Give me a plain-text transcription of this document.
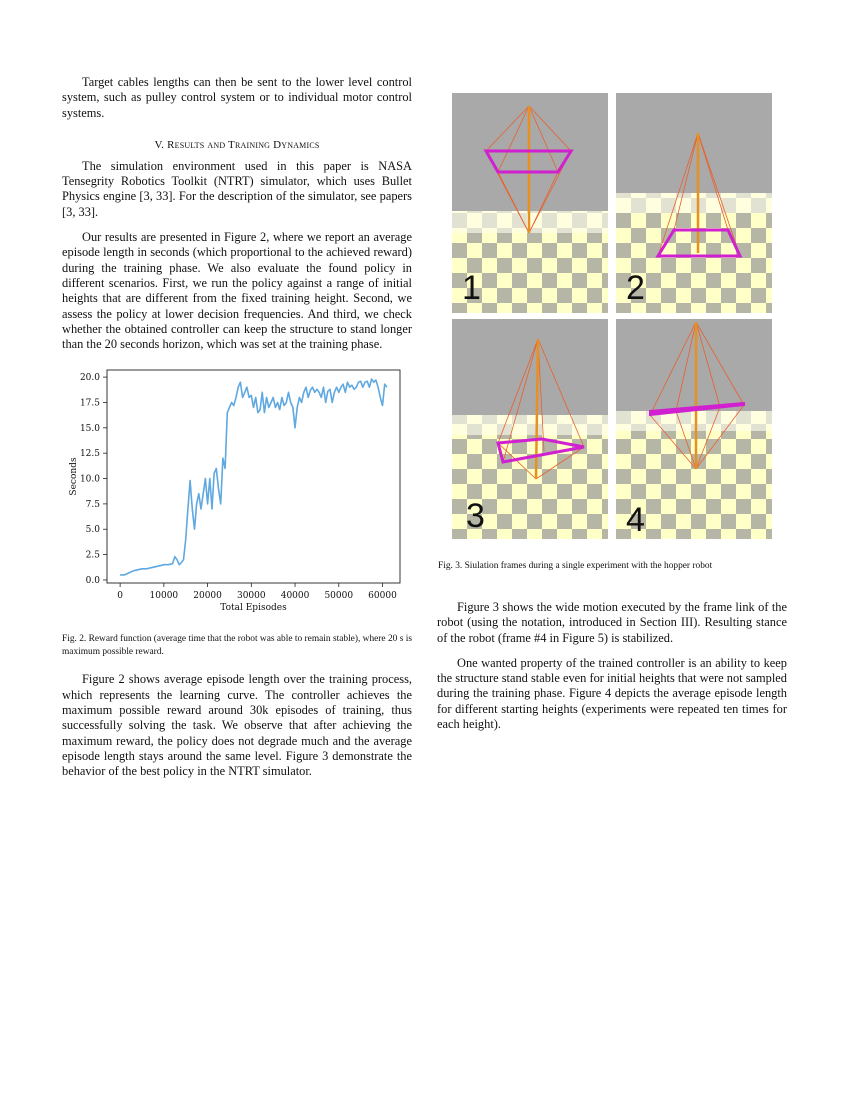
Target cables lengths can then be sent to the lower level control system, such as pulley control system or to individual motor control systems.

V. Results and Training Dynamics

The simulation environment used in this paper is NASA Tensegrity Robotics Toolkit (NTRT) simulator, which uses Bullet Physics engine [3, 33]. For the description of the simulator, see papers [3, 33].

Our results are presented in Figure 2, where we report an average episode length in seconds (which proportional to the achieved reward) during the training phase. We also evaluate the found policy in different scenarios. First, we run the policy against a range of initial heights that are different from the fixed training height. Second, we assess the policy at lower decision frequencies. And third, we check whether the obtained controller can keep the structure to stand longer than the 20 seconds horizon, which was set at the training phase.

0	10000 20000 30000 40000 50000 60000
0.0
2.5
5.0
7.5
10.0
12.5
15.0
17.5
20.0
Total Episodes
Seconds
Fig. 2. Reward function (average time that the robot was able to remain stable), where 20 s is maximum possible reward.

Figure 2 shows average episode length over the training process, which represents the learning curve. The controller achieves the maximum possible reward around 30k episodes of training, thus successfully solving the task. We observe that after achieving the maximum reward, the policy does not degrade much and the average episode length stays around the same level. Figure 3 demonstrate the behavior of the best policy in the NTRT simulator.

1	2
3	4
Fig. 3. Siulation frames during a single experiment with the hopper robot

Figure 3 shows the wide motion executed by the frame link of the robot (using the notation, introduced in Section III). Resulting stance of the robot (frame #4 in Figure 5) is stabilized.

One wanted property of the trained controller is an ability to keep the structure stand stable even for initial heights that were not sampled during the training phase. Figure 4 depicts the average episode length for different starting heights (experiments were repeated ten times for each height).
